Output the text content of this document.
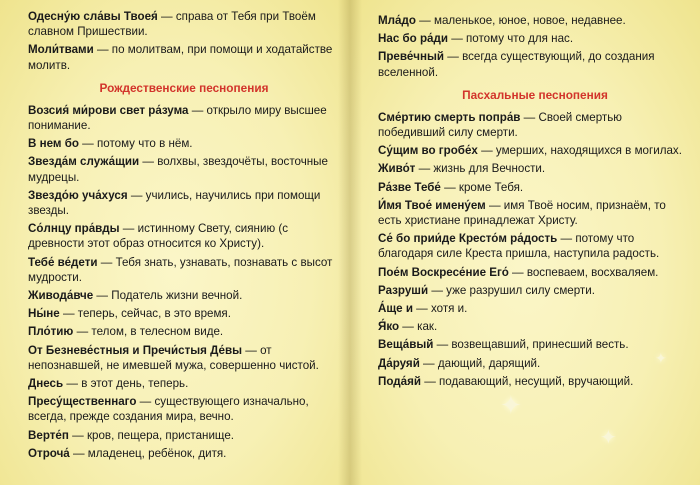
Одесну́ю сла́вы Твоея́ — справа от Тебя при Твоём славном Пришествии.

Моли́твами — по молитвам, при помощи и ходатайстве молитв.

Рождественские песнопения

Возсия́ ми́рови свет ра́зума — открыло миру высшее понимание.

В нем бо — потому что в нём.

Звезда́м служа́щии — волхвы, звездочёты, восточные мудрецы.

Звездо́ю уча́хуся — учились, научились при помощи звезды.

Со́лнцу пра́вды — истинному Свету, сиянию (с древности этот образ относится ко Христу).

Тебе́ ве́дети — Тебя знать, узнавать, познавать с высот мудрости.

Живода́вче — Податель жизни вечной.

Ны́не — теперь, сейчас, в это время.

Пло́тию — телом, в телесном виде.

От Безневе́стныя и Пречи́стыя Де́вы — от непознавшей, не имевшей мужа, совершенно чистой.

Днесь — в этот день, теперь.

Пресу́щественнаго — существующего изначально, всегда, прежде создания мира, вечно.

Верте́п — кров, пещера, пристанище.

Отроча́ — младенец, ребёнок, дитя.

Мла́до — маленькое, юное, новое, недавнее.

Нас бо ра́ди — потому что для нас.

Преве́чный — всегда существующий, до создания вселенной.

Пасхальные песнопения

Сме́ртию смерть попра́в — Своей смертью победивший силу смерти.

Су́щим во гробе́х — умерших, находящихся в могилах.

Живо́т — жизнь для Вечности.

Ра́зве Тебе́ — кроме Тебя.

И́мя Твое́ имену́ем — имя Твоё носим, признаём, то есть христиане принадлежат Христу.

Се́ бо прии́де Кресто́м ра́дость — потому что благодаря силе Креста пришла, наступила радость.

Пое́м Воскресе́ние Его́ — воспеваем, восхваляем.

Разруши́ — уже разрушил силу смерти.

А́ще и — хотя и.

Я́ко — как.

Веща́вый — возвещавший, принесший весть.

Да́руяй — дающий, дарящий.

Пода́яй — подавающий, несущий, вручающий.

✦
✦
✦
